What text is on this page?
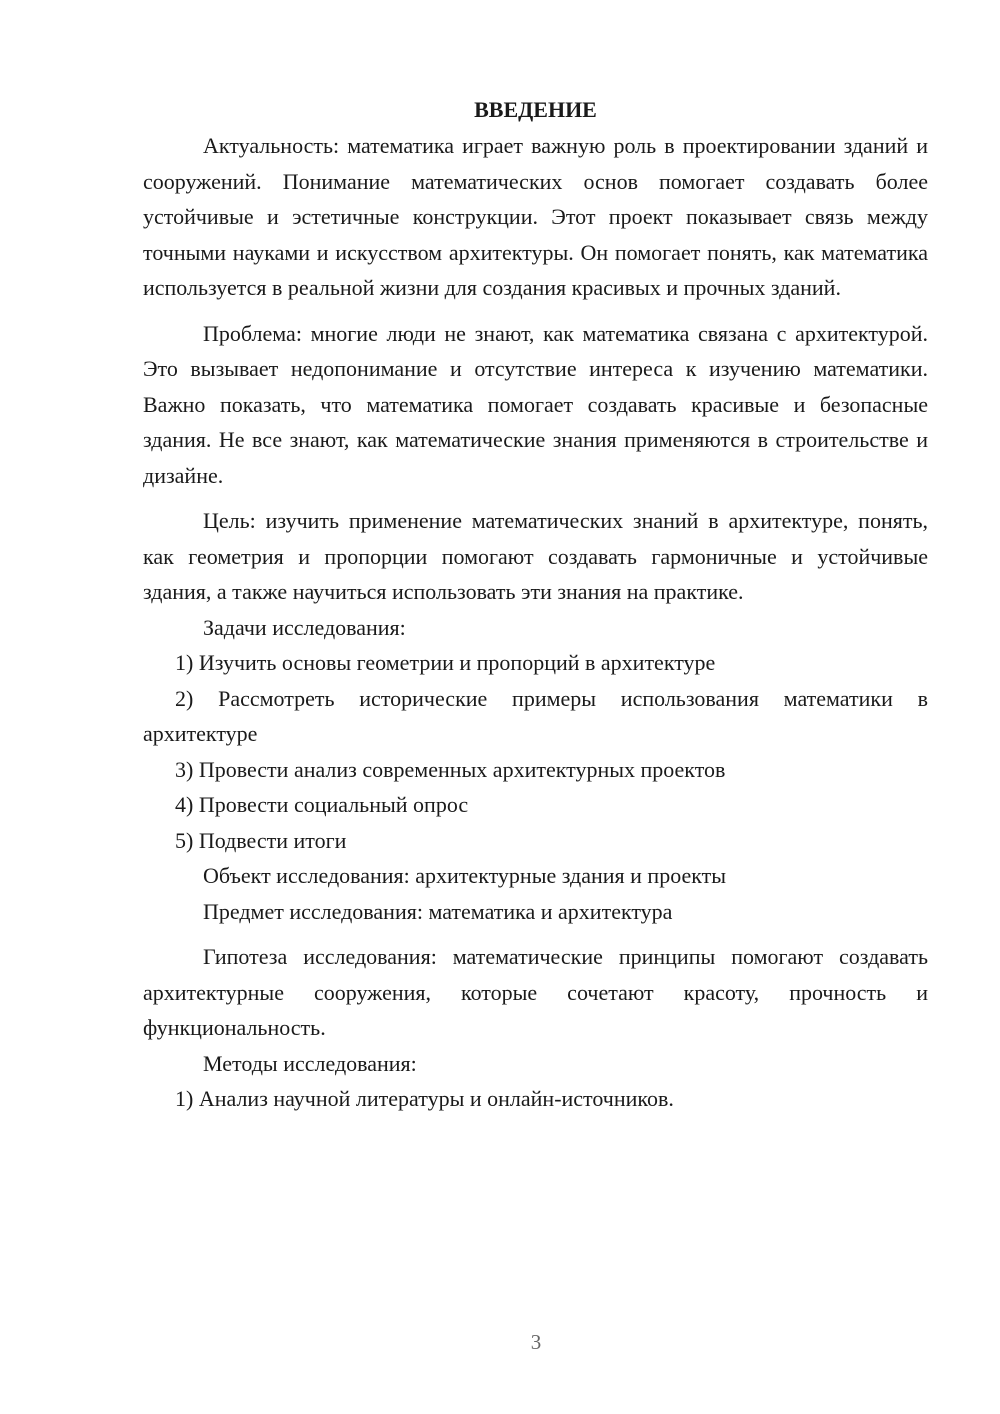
ВВЕДЕНИЕ

Актуальность: математика играет важную роль в проектировании зданий и сооружений. Понимание математических основ помогает создавать более устойчивые и эстетичные конструкции. Этот проект показывает связь между точными науками и искусством архитектуры. Он помогает понять, как математика используется в реальной жизни для создания красивых и прочных зданий.

Проблема: многие люди не знают, как математика связана с архитектурой. Это вызывает недопонимание и отсутствие интереса к изучению математики. Важно показать, что математика помогает создавать красивые и безопасные здания. Не все знают, как математические знания применяются в строительстве и дизайне.

Цель: изучить применение математических знаний в архитектуре, понять, как геометрия и пропорции помогают создавать гармоничные и устойчивые здания, а также научиться использовать эти знания на практике.

Задачи исследования:

1) Изучить основы геометрии и пропорций в архитектуре

2) Рассмотреть исторические примеры использования математики в архитектуре

3) Провести анализ современных архитектурных проектов

4) Провести социальный опрос

5) Подвести итоги

Объект исследования: архитектурные здания и проекты

Предмет исследования: математика и архитектура

Гипотеза исследования: математические принципы помогают создавать архитектурные сооружения, которые сочетают красоту, прочность и функциональность.

Методы исследования:

1) Анализ научной литературы и онлайн-источников.

3
